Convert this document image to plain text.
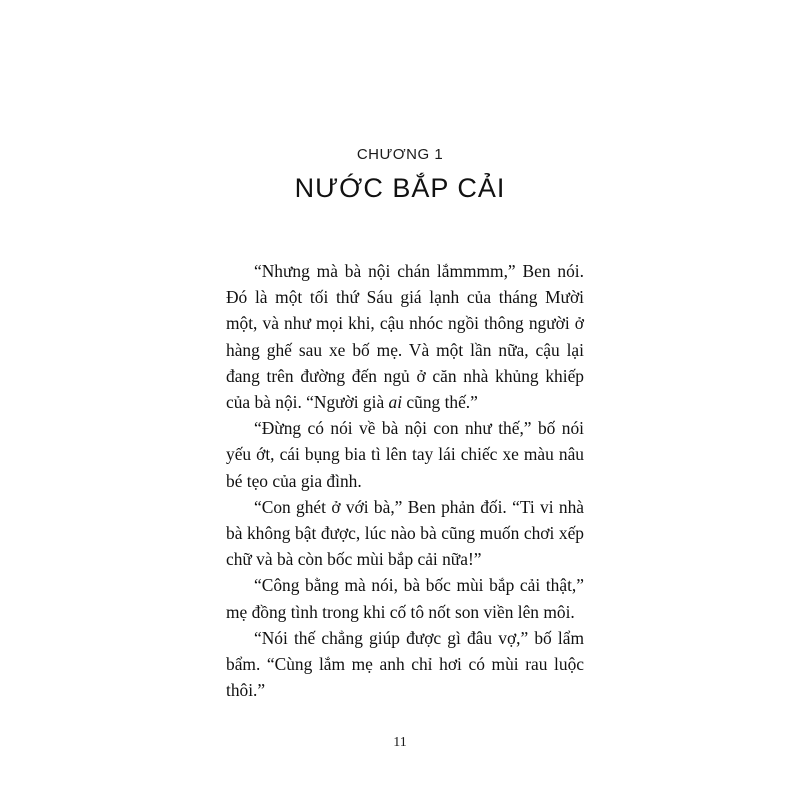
CHƯƠNG 1
NƯỚC BẮP CẢI

“Nhưng mà bà nội chán lắmmmm,” Ben nói. Đó là một tối thứ Sáu giá lạnh của tháng Mười một, và như mọi khi, cậu nhóc ngồi thông người ở hàng ghế sau xe bố mẹ. Và một lần nữa, cậu lại đang trên đường đến ngủ ở căn nhà khủng khiếp của bà nội. “Người già ai cũng thế.”

“Đừng có nói về bà nội con như thế,” bố nói yếu ớt, cái bụng bia tì lên tay lái chiếc xe màu nâu bé tẹo của gia đình.

“Con ghét ở với bà,” Ben phản đối. “Ti vi nhà bà không bật được, lúc nào bà cũng muốn chơi xếp chữ và bà còn bốc mùi bắp cải nữa!”

“Công bằng mà nói, bà bốc mùi bắp cải thật,” mẹ đồng tình trong khi cố tô nốt son viền lên môi.

“Nói thế chẳng giúp được gì đâu vợ,” bố lẩm bẩm. “Cùng lắm mẹ anh chỉ hơi có mùi rau luộc thôi.”

11
